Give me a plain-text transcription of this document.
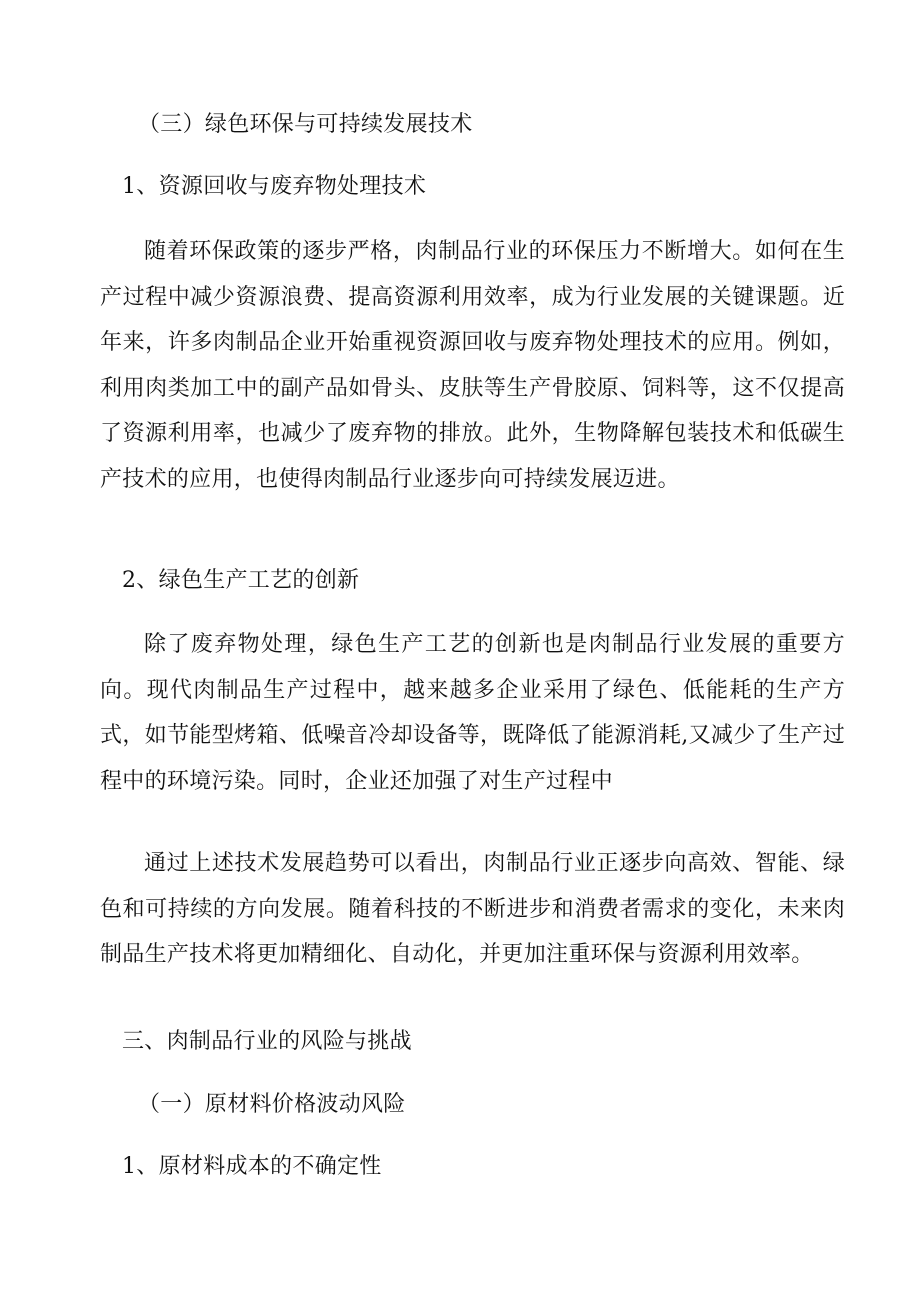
（三）绿色环保与可持续发展技术
1、资源回收与废弃物处理技术
随着环保政策的逐步严格，肉制品行业的环保压力不断增大。如何在生产过程中减少资源浪费、提高资源利用效率，成为行业发展的关键课题。近年来，许多肉制品企业开始重视资源回收与废弃物处理技术的应用。例如，利用肉类加工中的副产品如骨头、皮肤等生产骨胶原、饲料等，这不仅提高了资源利用率，也减少了废弃物的排放。此外，生物降解包装技术和低碳生产技术的应用，也使得肉制品行业逐步向可持续发展迈进。
2、绿色生产工艺的创新
除了废弃物处理，绿色生产工艺的创新也是肉制品行业发展的重要方向。现代肉制品生产过程中，越来越多企业采用了绿色、低能耗的生产方式，如节能型烤箱、低噪音冷却设备等，既降低了能源消耗,又减少了生产过程中的环境污染。同时，企业还加强了对生产过程中
通过上述技术发展趋势可以看出，肉制品行业正逐步向高效、智能、绿色和可持续的方向发展。随着科技的不断进步和消费者需求的变化，未来肉制品生产技术将更加精细化、自动化，并更加注重环保与资源利用效率。
三、肉制品行业的风险与挑战
（一）原材料价格波动风险
1、原材料成本的不确定性
